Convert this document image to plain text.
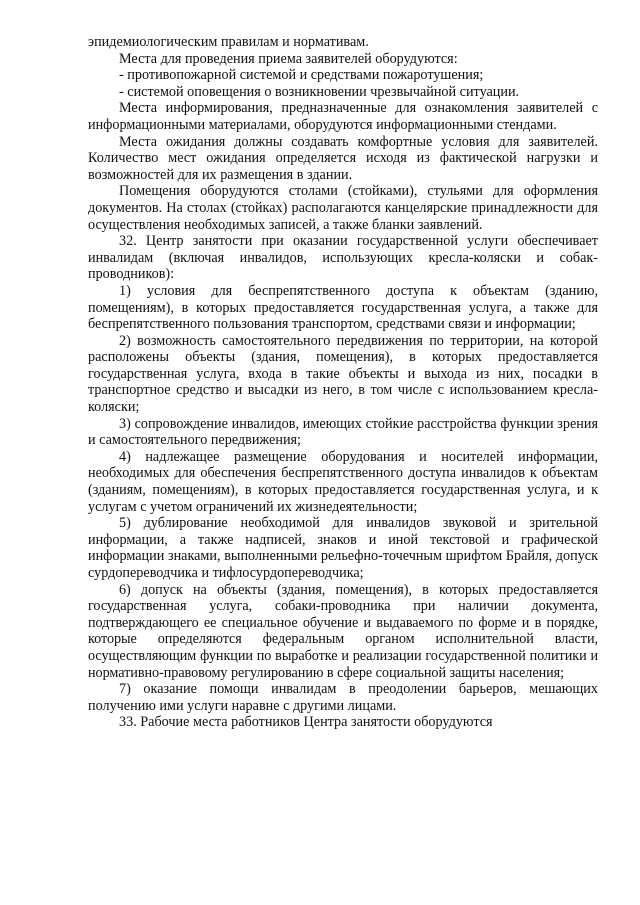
эпидемиологическим правилам и нормативам.

Места для проведения приема заявителей оборудуются:

- противопожарной системой и средствами пожаротушения;

- системой оповещения о возникновении чрезвычайной ситуации.

Места информирования, предназначенные для ознакомления заявителей с информационными материалами, оборудуются информационными стендами.

Места ожидания должны создавать комфортные условия для заявителей. Количество мест ожидания определяется исходя из фактической нагрузки и возможностей для их размещения в здании.

Помещения оборудуются столами (стойками), стульями для оформления документов. На столах (стойках) располагаются канцелярские принадлежности для осуществления необходимых записей, а также бланки заявлений.

32. Центр занятости при оказании государственной услуги обеспечивает инвалидам (включая инвалидов, использующих кресла-коляски и собак-проводников):

1) условия для беспрепятственного доступа к объектам (зданию, помещениям), в которых предоставляется государственная услуга, а также для беспрепятственного пользования транспортом, средствами связи и информации;

2) возможность самостоятельного передвижения по территории, на которой расположены объекты (здания, помещения), в которых предоставляется государственная услуга, входа в такие объекты и выхода из них, посадки в транспортное средство и высадки из него, в том числе с использованием кресла-коляски;

3) сопровождение инвалидов, имеющих стойкие расстройства функции зрения и самостоятельного передвижения;

4) надлежащее размещение оборудования и носителей информации, необходимых для обеспечения беспрепятственного доступа инвалидов к объектам (зданиям, помещениям), в которых предоставляется государственная услуга, и к услугам с учетом ограничений их жизнедеятельности;

5) дублирование необходимой для инвалидов звуковой и зрительной информации, а также надписей, знаков и иной текстовой и графической информации знаками, выполненными рельефно-точечным шрифтом Брайля, допуск сурдопереводчика и тифлосурдопереводчика;

6) допуск на объекты (здания, помещения), в которых предоставляется государственная услуга, собаки-проводника при наличии документа, подтверждающего ее специальное обучение и выдаваемого по форме и в порядке, которые определяются федеральным органом исполнительной власти, осуществляющим функции по выработке и реализации государственной политики и нормативно-правовому регулированию в сфере социальной защиты населения;

7) оказание помощи инвалидам в преодолении барьеров, мешающих получению ими услуги наравне с другими лицами.

33. Рабочие места работников Центра занятости оборудуются
